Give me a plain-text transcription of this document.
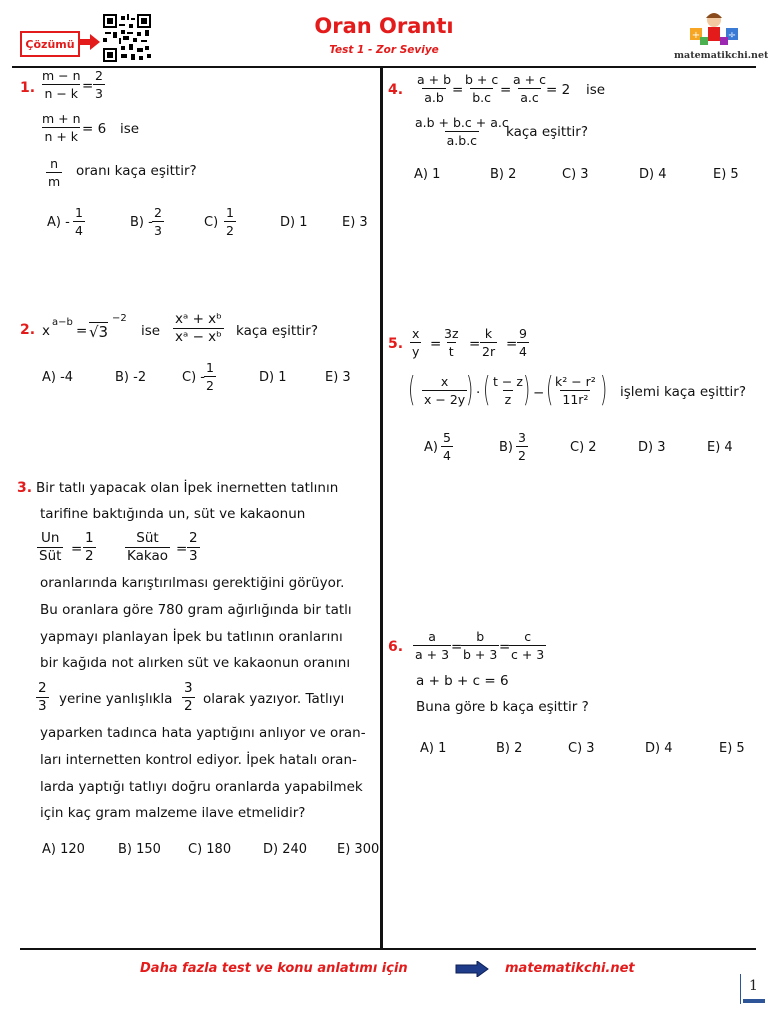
Çözümü
Oran Orantı
Test 1 - Zor Seviye
+	÷
matematikchi.net
1. $\frac{m - n}{n - k} = \frac{2}{3}$
$\frac{m + n}{n + k} = 6$ ise
$\frac{n}{m}$ oranı kaça eşittir?
$A) - \frac{1}{4}$	$B) - \frac{2}{3}$	$C) \frac{1}{2}$	D) 1	E) 3
2. x
a−b
= √3
−2
ise $\frac{\text{xᵃ + xᵇ}}{\text{xᵃ − xᵇ}}$ kaça eşittir?
A) -4	B) -2	$C) - \frac{1}{2}$	D) 1	E) 3
3. Bir tatlı yapacak olan İpek inernetten tatlının
tarifine baktığında un, süt ve kakaonun
Un
Süt = $\frac{1}{2}$	Süt
Kakao = $\frac{2}{3}$
oranlarında karıştırılması gerektiğini görüyor.
Bu oranlara göre 780 gram ağırlığında bir tatlı
yapmayı planlayan İpek bu tatlının oranlarını
bir kağıda not alırken süt ve kakaonun oranını
$\frac{2}{3}$ yerine yanlışlıkla $\frac{3}{2}$ olarak yazıyor. Tatlıyı
yaparken tadınca hata yaptığını anlıyor ve oran-
ları internetten kontrol ediyor. İpek hatalı oran-
larda yaptığı tatlıyı doğru oranlarda yapabilmek
için kaç gram malzeme ilave etmelidir?
A) 120	B) 150 C) 180 D) 240 E) 300
4. $\frac{a + b}{a.b}$
= $\frac{b + c}{b.c} = \frac{a + c}{a.c}$
= 2 ise
$\frac{a.b + b.c + a.c}{a.b.c}$
kaça eşittir?
A) 1	B) 2	C) 3	D) 4	E) 5
5. $\frac{x}{y} = \frac{3z}{t} = \frac{k}{2r} = \frac{9}{4}$
( $\frac{x}{x - 2y}$
) . ( $\frac{t - z}{z}$
) − ( $\frac{\text{k² − r²}}{\text{11r²}}$ ) işlemi kaça eşittir?
$A) \frac{5}{4}$	$B) \frac{3}{2}$	C) 2	D) 3	E) 4
6. $\frac{a}{a + 3}$ =
$\frac{b}{b + 3}$ =
$\frac{c}{c + 3}$
a + b + c = 6
Buna göre b kaça eşittir ?
A) 1	B) 2	C) 3	D) 4	E) 5
Daha fazla test ve konu anlatımı için	matematikchi.net
1
